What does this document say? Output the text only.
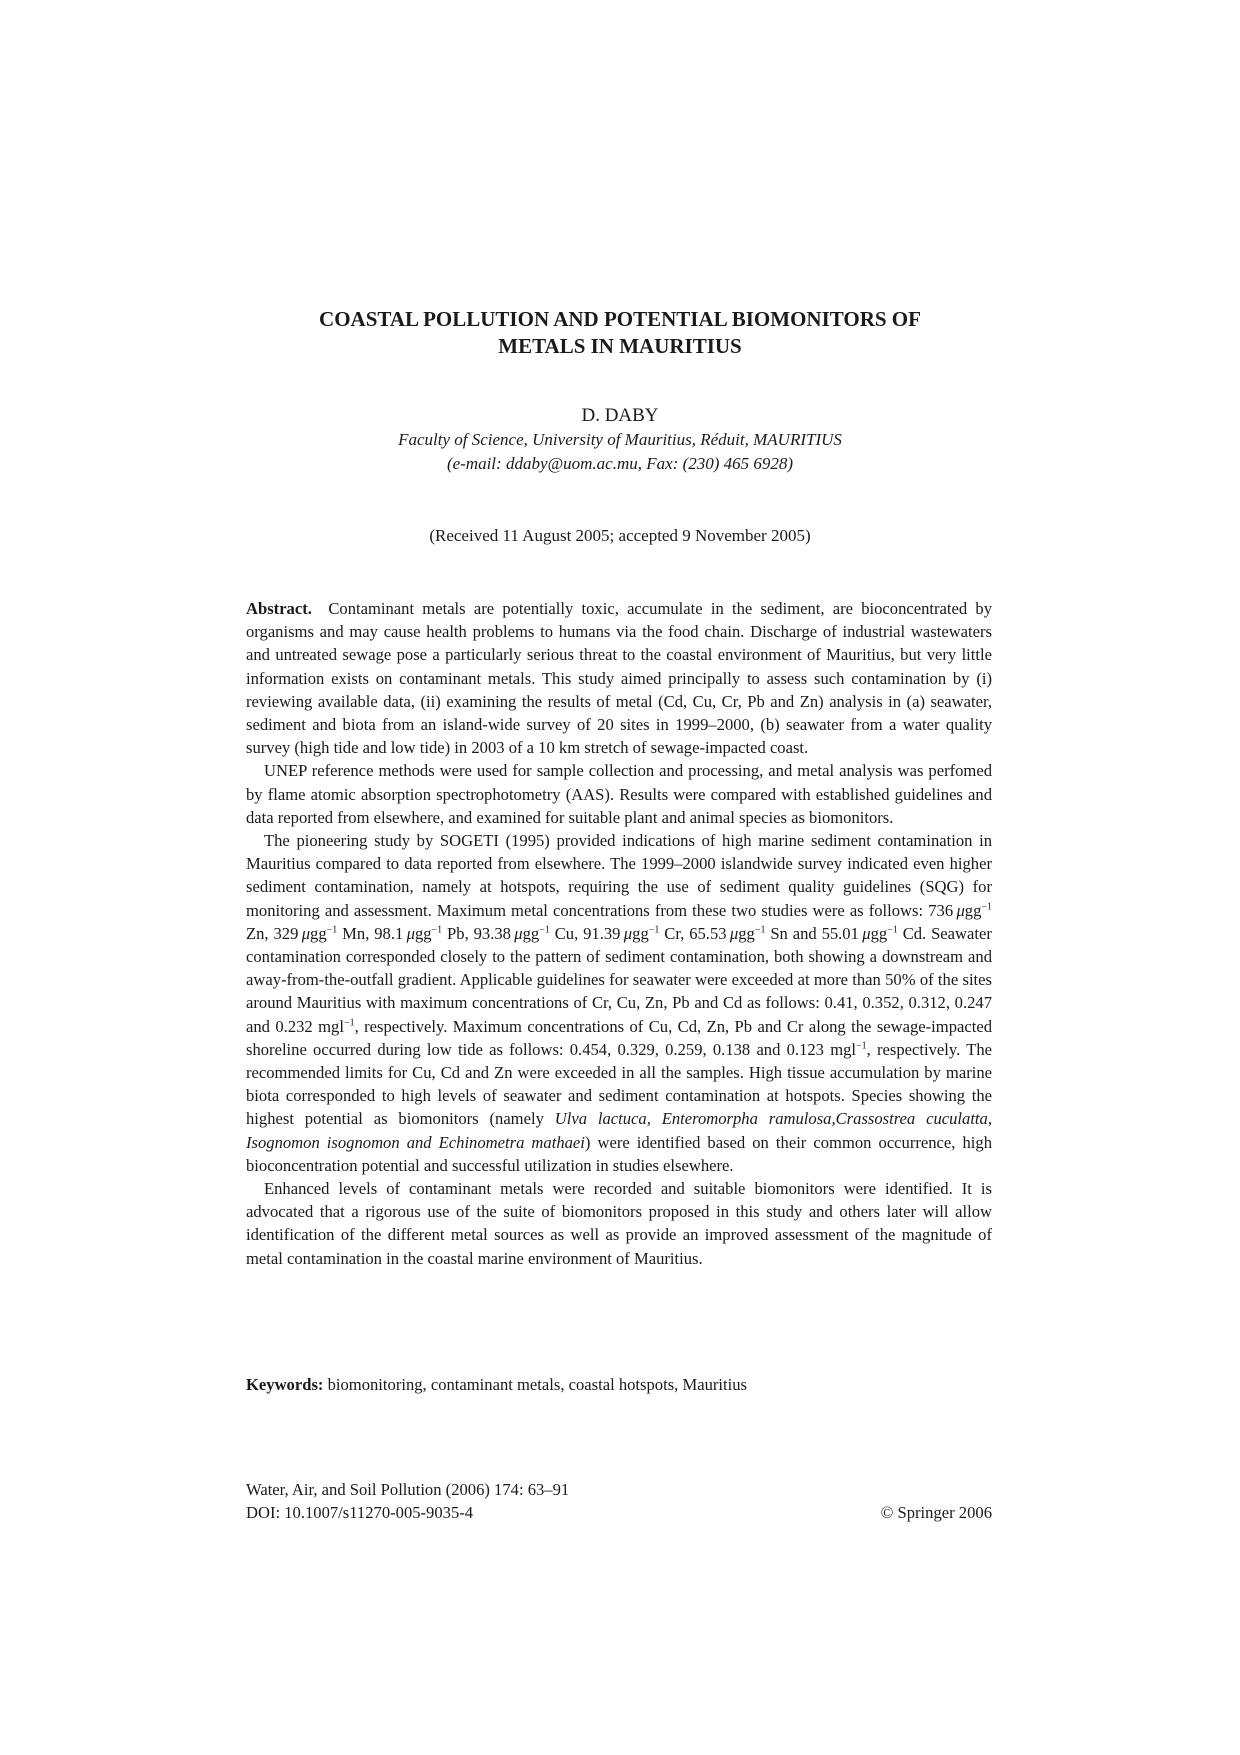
COASTAL POLLUTION AND POTENTIAL BIOMONITORS OF
METALS IN MAURITIUS
D. DABY
Faculty of Science, University of Mauritius, Réduit, MAURITIUS
(e-mail: ddaby@uom.ac.mu, Fax: (230) 465 6928)
(Received 11 August 2005; accepted 9 November 2005)

Abstract. Contaminant metals are potentially toxic, accumulate in the sediment, are bioconcentrated by organisms and may cause health problems to humans via the food chain. Discharge of industrial wastewaters and untreated sewage pose a particularly serious threat to the coastal environment of Mauritius, but very little information exists on contaminant metals. This study aimed principally to assess such contamination by (i) reviewing available data, (ii) examining the results of metal (Cd, Cu, Cr, Pb and Zn) analysis in (a) seawater, sediment and biota from an island-wide survey of 20 sites in 1999–2000, (b) seawater from a water quality survey (high tide and low tide) in 2003 of a 10 km stretch of sewage-impacted coast.

UNEP reference methods were used for sample collection and processing, and metal analysis was perfomed by flame atomic absorption spectrophotometry (AAS). Results were compared with established guidelines and data reported from elsewhere, and examined for suitable plant and animal species as biomonitors.

The pioneering study by SOGETI (1995) provided indications of high marine sediment contamination in Mauritius compared to data reported from elsewhere. The 1999–2000 islandwide survey indicated even higher sediment contamination, namely at hotspots, requiring the use of sediment quality guidelines (SQG) for monitoring and assessment. Maximum metal concentrations from these two studies were as follows: 736  μgg$^{-1}$ Zn, 329  μgg$^{-1}$ Mn, 98.1  μgg$^{-1}$ Pb, 93.38  μgg$^{-1}$ Cu, 91.39  μgg$^{-1}$ Cr, 65.53  μgg$^{-1}$ Sn and 55.01  μgg$^{-1}$ Cd. Seawater contamination corresponded closely to the pattern of sediment contamination, both showing a downstream and away-from-the-outfall gradient. Applicable guidelines for seawater were exceeded at more than 50% of the sites around Mauritius with maximum concentrations of Cr, Cu, Zn, Pb and Cd as follows: 0.41, 0.352, 0.312, 0.247 and 0.232 mgl$^{-1}$, respectively. Maximum concentrations of Cu, Cd, Zn, Pb and Cr along the sewage-impacted shoreline occurred during low tide as follows: 0.454, 0.329, 0.259, 0.138 and 0.123 mgl$^{-1}$, respectively. The recommended limits for Cu, Cd and Zn were exceeded in all the samples. High tissue accumulation by marine biota corresponded to high levels of seawater and sediment contamination at hotspots. Species showing the highest potential as biomonitors (namely Ulva lactuca, Enteromorpha ramulosa,Crassostrea cuculatta, Isognomon isognomon and Echinometra mathaei) were identified based on their common occurrence, high bioconcentration potential and successful utilization in studies elsewhere.

Enhanced levels of contaminant metals were recorded and suitable biomonitors were identified. It is advocated that a rigorous use of the suite of biomonitors proposed in this study and others later will allow identification of the different metal sources as well as provide an improved assessment of the magnitude of metal contamination in the coastal marine environment of Mauritius.

Keywords: biomonitoring, contaminant metals, coastal hotspots, Mauritius
Water, Air, and Soil Pollution (2006) 174: 63–91
DOI: 10.1007/s11270-005-9035-4	© Springer 2006
